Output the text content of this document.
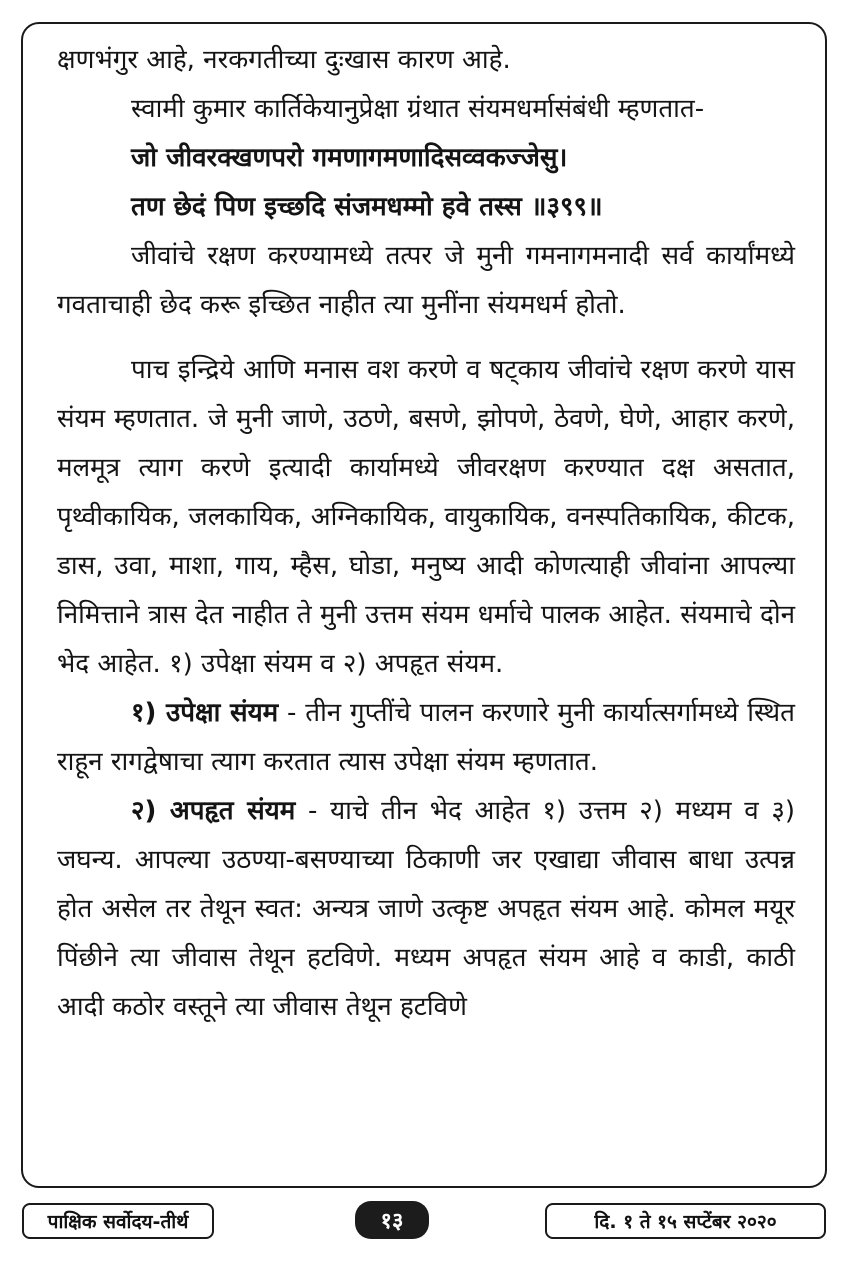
क्षणभंगुर आहे, नरकगतीच्या दुःखास कारण आहे.

स्वामी कुमार कार्तिकेयानुप्रेक्षा ग्रंथात संयमधर्मासंबंधी म्हणतात-

जो जीवरक्खणपरो गमणागमणादिसव्वकज्जेसु।

तण छेदं पिण इच्छदि संजमधम्मो हवे तस्स ॥३९९॥

जीवांचे रक्षण करण्यामध्ये तत्पर जे मुनी गमनागमनादी सर्व कार्यांमध्ये गवताचाही छेद करू इच्छित नाहीत त्या मुनींना संयमधर्म होतो.

पाच इन्द्रिये आणि मनास वश करणे व षट्काय जीवांचे रक्षण करणे यास संयम म्हणतात. जे मुनी जाणे, उठणे, बसणे, झोपणे, ठेवणे, घेणे, आहार करणे, मलमूत्र त्याग करणे इत्यादी कार्यामध्ये जीवरक्षण करण्यात दक्ष असतात, पृथ्वीकायिक, जलकायिक, अग्निकायिक, वायुकायिक, वनस्पतिकायिक, कीटक, डास, उवा, माशा, गाय, म्हैस, घोडा, मनुष्य आदी कोणत्याही जीवांना आपल्या निमित्ताने त्रास देत नाहीत ते मुनी उत्तम संयम धर्माचे पालक आहेत. संयमाचे दोन भेद आहेत. १) उपेक्षा संयम व २) अपहृत संयम.

१) उपेक्षा संयम - तीन गुप्तींचे पालन करणारे मुनी कार्यात्सर्गामध्ये स्थित राहून रागद्वेषाचा त्याग करतात त्यास उपेक्षा संयम म्हणतात.

२) अपहृत संयम - याचे तीन भेद आहेत १) उत्तम २) मध्यम व ३) जघन्य. आपल्या उठण्या-बसण्याच्या ठिकाणी जर एखाद्या जीवास बाधा उत्पन्न होत असेल तर तेथून स्वत: अन्यत्र जाणे उत्कृष्ट अपहृत संयम आहे. कोमल मयूर पिंछीने त्या जीवास तेथून हटविणे. मध्यम अपहृत संयम आहे व काडी, काठी आदी कठोर वस्तूने त्या जीवास तेथून हटविणे

पाक्षिक सर्वोदय-तीर्थ	१३	दि. १ ते १५ सप्टेंबर २०२०
